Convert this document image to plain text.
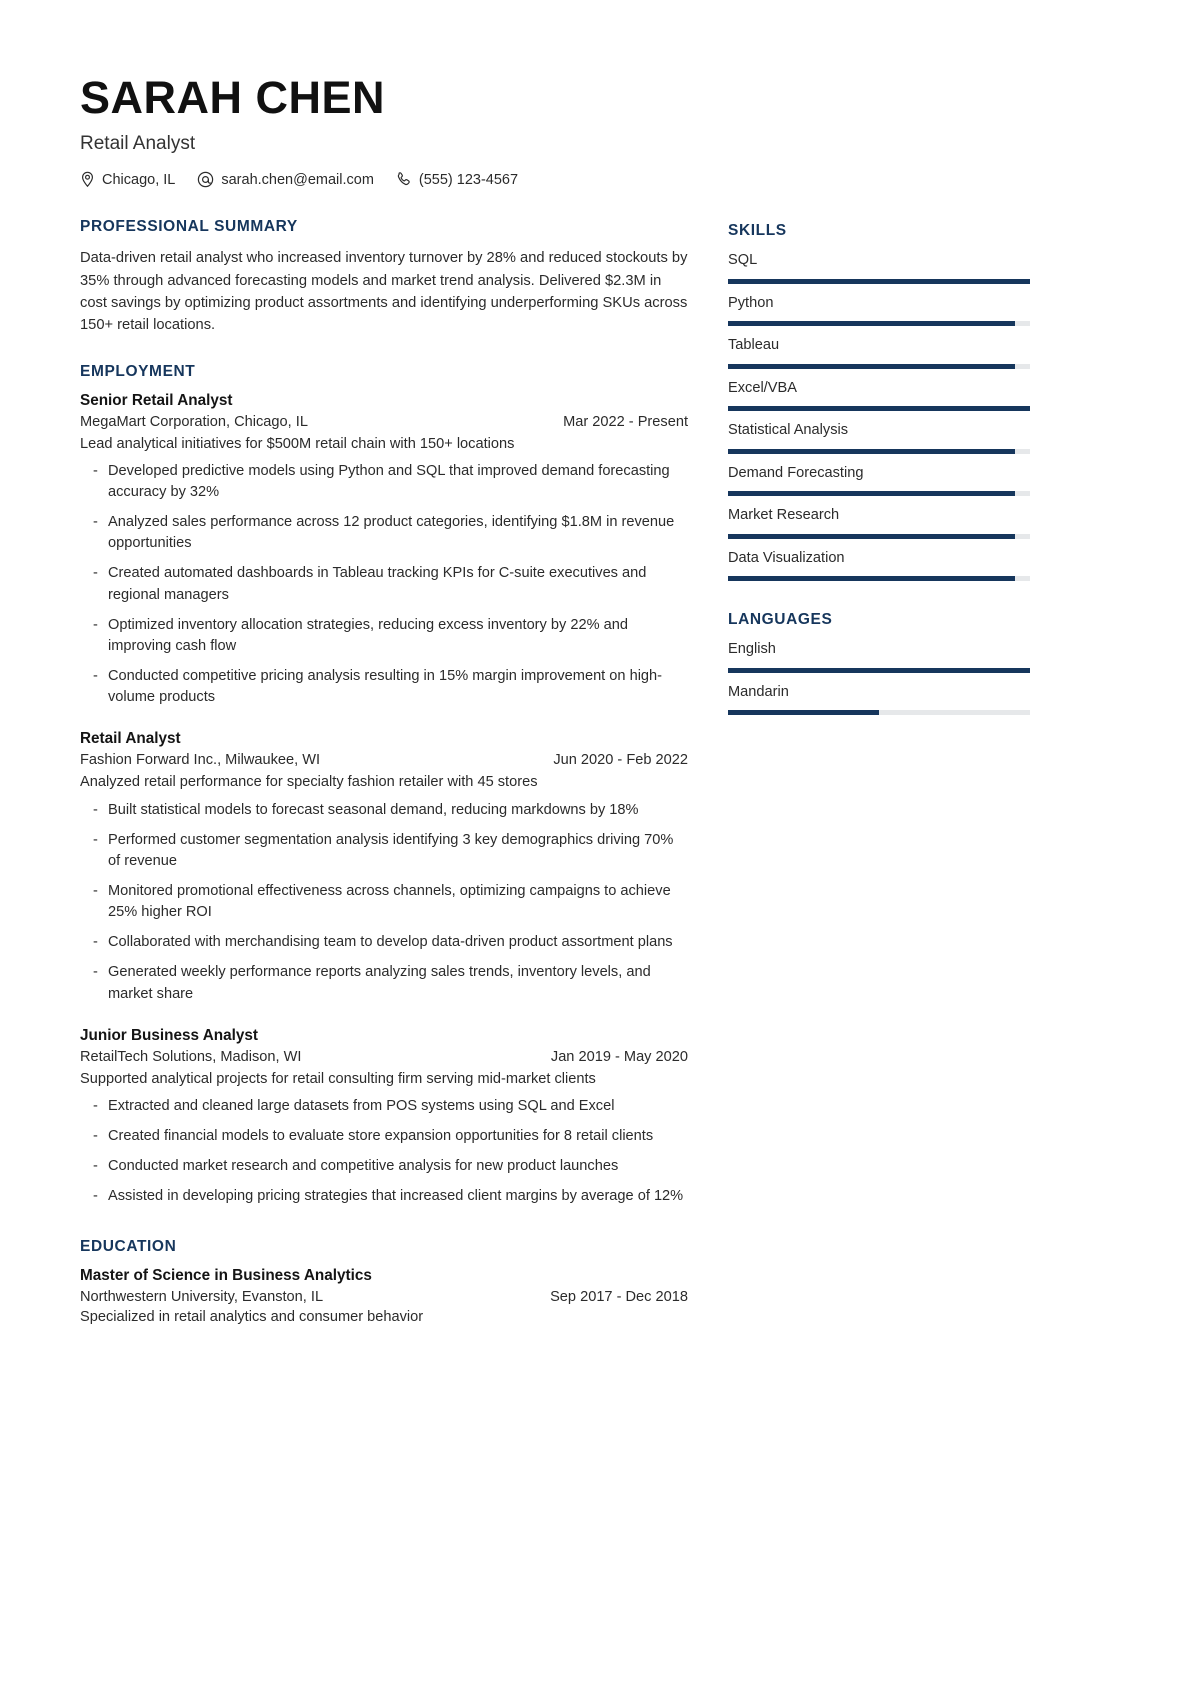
SARAH CHEN
Retail Analyst
Chicago, IL	sarah.chen@email.com	(555) 123-4567
PROFESSIONAL SUMMARY

Data-driven retail analyst who increased inventory turnover by 28% and reduced stockouts by 35% through advanced forecasting models and market trend analysis. Delivered $2.3M in cost savings by optimizing product assortments and identifying underperforming SKUs across 150+ retail locations.

EMPLOYMENT
Senior Retail Analyst
MegaMart Corporation, Chicago, IL	Mar 2022 - Present
Lead analytical initiatives for $500M retail chain with 150+ locations
- Developed predictive models using Python and SQL that improved demand forecasting accuracy by 32%
- Analyzed sales performance across 12 product categories, identifying $1.8M in revenue opportunities
- Created automated dashboards in Tableau tracking KPIs for C-suite executives and regional managers
- Optimized inventory allocation strategies, reducing excess inventory by 22% and improving cash flow
- Conducted competitive pricing analysis resulting in 15% margin improvement on high-volume products
Retail Analyst
Fashion Forward Inc., Milwaukee, WI	Jun 2020 - Feb 2022
Analyzed retail performance for specialty fashion retailer with 45 stores
- Built statistical models to forecast seasonal demand, reducing markdowns by 18%
- Performed customer segmentation analysis identifying 3 key demographics driving 70% of revenue
- Monitored promotional effectiveness across channels, optimizing campaigns to achieve 25% higher ROI
- Collaborated with merchandising team to develop data-driven product assortment plans
- Generated weekly performance reports analyzing sales trends, inventory levels, and market share
Junior Business Analyst
RetailTech Solutions, Madison, WI	Jan 2019 - May 2020
Supported analytical projects for retail consulting firm serving mid-market clients
- Extracted and cleaned large datasets from POS systems using SQL and Excel
- Created financial models to evaluate store expansion opportunities for 8 retail clients
- Conducted market research and competitive analysis for new product launches
- Assisted in developing pricing strategies that increased client margins by average of 12%
EDUCATION
Master of Science in Business Analytics
Northwestern University, Evanston, IL	Sep 2017 - Dec 2018
Specialized in retail analytics and consumer behavior
SKILLS
SQL
Python
Tableau
Excel/VBA
Statistical Analysis
Demand Forecasting
Market Research
Data Visualization
LANGUAGES
English
Mandarin
